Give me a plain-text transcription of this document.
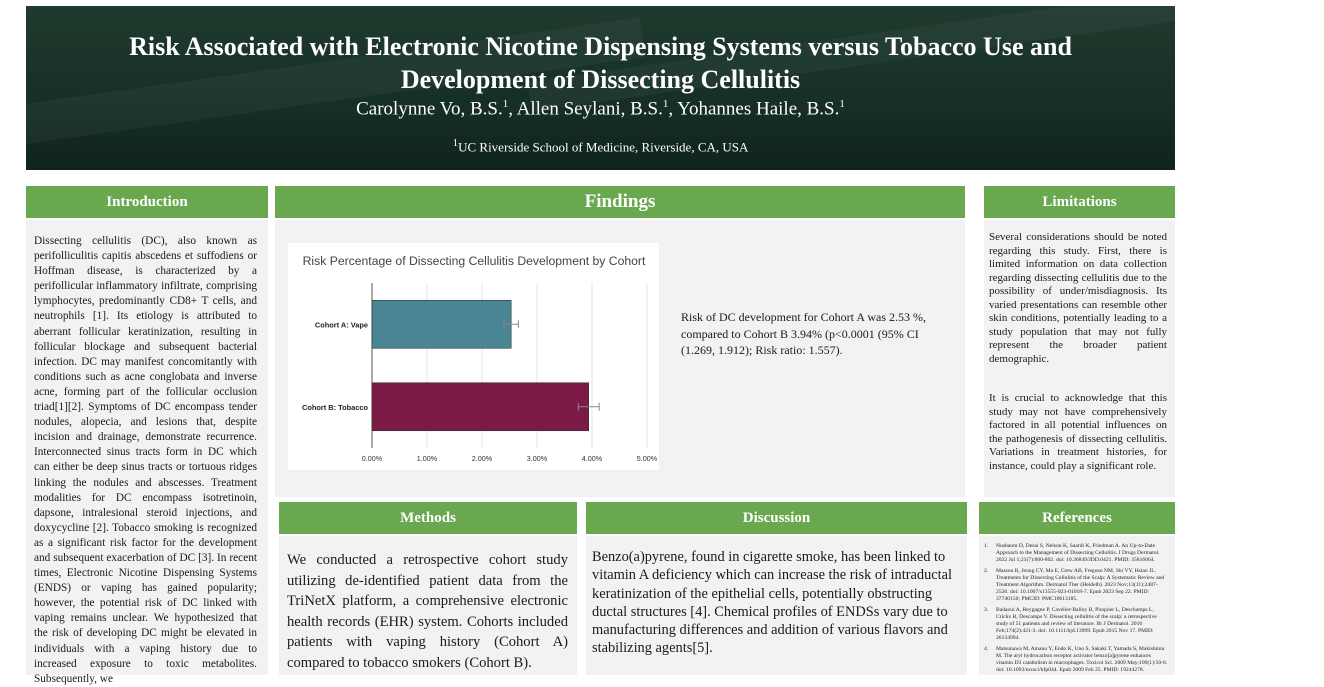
Risk Associated with Electronic Nicotine Dispensing Systems versus Tobacco Use and Development of Dissecting Cellulitis
Carolynne Vo, B.S.$^1$, Allen Seylani, B.S.$^1$, Yohannes Haile, B.S.$^1$
$^1$UC Riverside School of Medicine, Riverside, CA, USA
Introduction

Dissecting cellulitis (DC), also known as perifolliculitis capitis abscedens et suffodiens or Hoffman disease, is characterized by a perifollicular inflammatory infiltrate, comprising lymphocytes, predominantly CD8+ T cells, and neutrophils [1]. Its etiology is attributed to aberrant follicular keratinization, resulting in follicular blockage and subsequent bacterial infection. DC may manifest concomitantly with conditions such as acne conglobata and inverse acne, forming part of the follicular occlusion triad[1][2]. Symptoms of DC encompass tender nodules, alopecia, and lesions that, despite incision and drainage, demonstrate recurrence. Interconnected sinus tracts form in DC which can either be deep sinus tracts or tortuous ridges linking the nodules and abscesses. Treatment modalities for DC encompass isotretinoin, dapsone, intralesional steroid injections, and doxycycline [2]. Tobacco smoking is recognized as a significant risk factor for the development and subsequent exacerbation of DC [3]. In recent times, Electronic Nicotine Dispensing Systems (ENDS) or vaping has gained popularity; however, the potential risk of DC linked with vaping remains unclear. We hypothesized that the risk of developing DC might be elevated in individuals with a vaping history due to increased exposure to toxic metabolites. Subsequently, we

Findings
Risk Percentage of Dissecting Cellulitis Development by Cohort
Cohort A: Vape
Cohort B: Tobacco
0.00%	1.00%	2.00%	3.00%	4.00%	5.00%

Risk of DC development for Cohort A was 2.53 %, compared to Cohort B 3.94% (p<0.0001 (95% CI (1.269, 1.912); Risk ratio: 1.557).

Limitations

Several considerations should be noted regarding this study. First, there is limited information on data collection regarding dissecting cellulitis due to the possibility of under/misdiagnosis. Its varied presentations can resemble other skin conditions, potentially leading to a study population that may not fully represent the broader patient demographic.

It is crucial to acknowledge that this study may not have comprehensively factored in all potential influences on the pathogenesis of dissecting cellulitis. Variations in treatment histories, for instance, could play a significant role.

Methods

We conducted a retrospective cohort study utilizing de-identified patient data from the TriNetX platform, a comprehensive electronic health records (EHR) system. Cohorts included patients with vaping history (Cohort A) compared to tobacco smokers (Cohort B).

Discussion

Benzo(a)pyrene, found in cigarette smoke, has been linked to vitamin A deficiency which can increase the risk of intraductal keratinization of the epithelial cells, potentially obstructing ductal structures [4]. Chemical profiles of ENDSs vary due to manufacturing differences and addition of various flavors and stabilizing agents[5].

References
1.	Nusbaum D, Desai S, Nelson K, Saardi K, Friedman A. An Up-to-Date Approach to the Management of Dissecting Cellulitis. J Drugs Dermatol. 2022 Jul 1;21(7):800-802. doi: 10.36849/JDD.0421. PMID: 35816064.
2.	Masson R, Jeong CY, Ma E, Crew AB, Fregoso NM, Shi VY, Hsiao JL. Treatments for Dissecting Cellulitis of the Scalp: A Systematic Review and Treatment Algorithm. Dermatol Ther (Heidelb). 2023 Nov;13(11):2487-2526. doi: 10.1007/s13555-023-01018-7. Epub 2023 Sep 22. PMID: 37740150; PMCID: PMC10613185.
3.	Badaoui A, Reygagne P, Cavelier-Balloy B, Pinquier L, Deschamps L, Crickx B, Descamps V. Dissecting cellulitis of the scalp: a retrospective study of 51 patients and review of literature. Br J Dermatol. 2016 Feb;174(2):421-3. doi: 10.1111/bjd.13999. Epub 2015 Nov 17. PMID: 26134994.
4.	Matsunawa M, Amano Y, Endo K, Uno S, Sakaki T, Yamada S, Makishima M. The aryl hydrocarbon receptor activator benzo[a]pyrene enhances vitamin D3 catabolism in macrophages. Toxicol Sci. 2009 May;109(1):50-8. doi: 10.1093/toxsci/kfp044. Epub 2009 Feb 25. PMID: 19244278.
